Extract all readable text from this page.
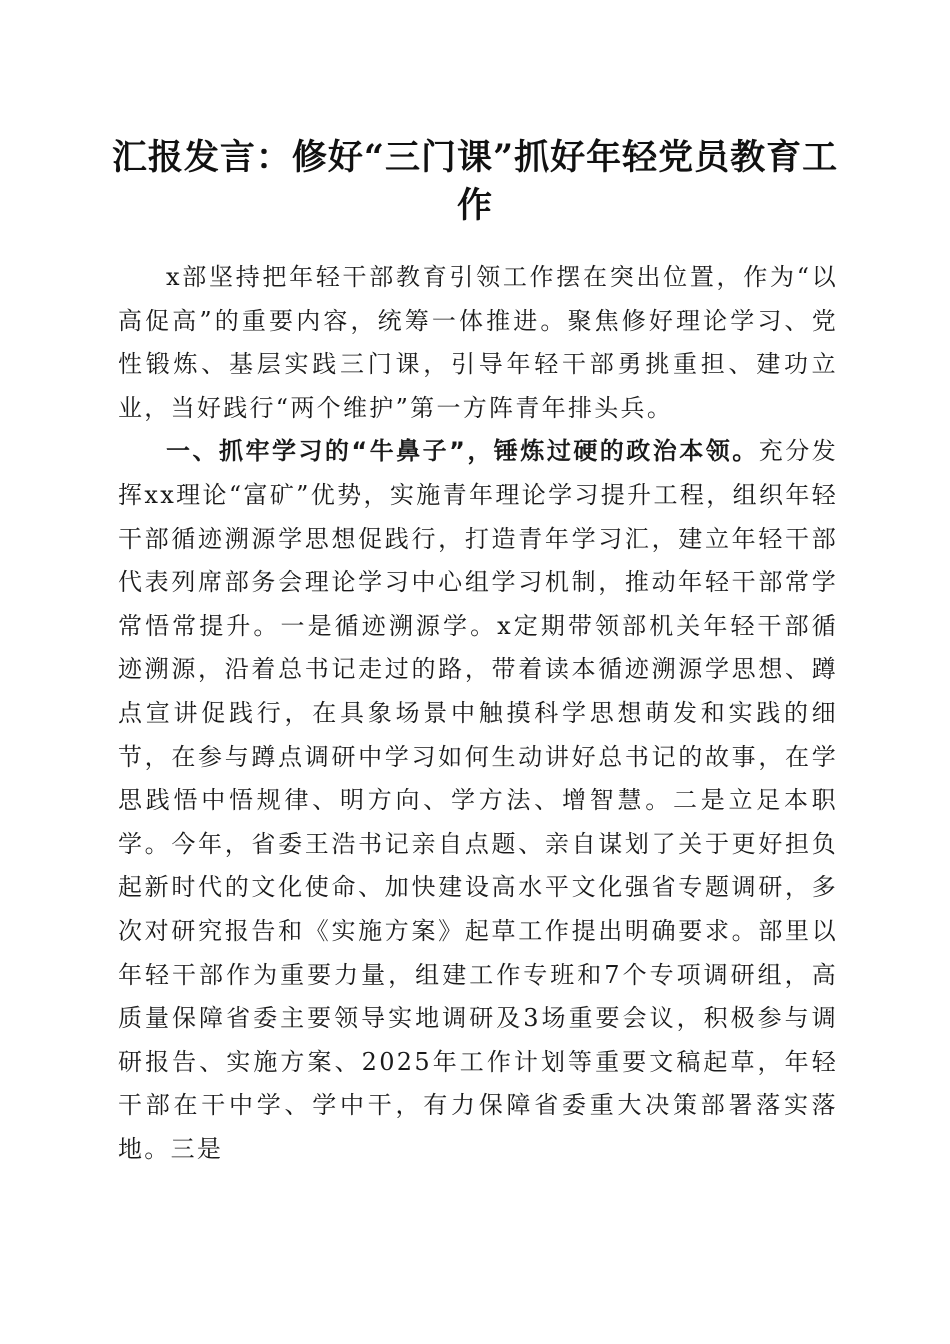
汇报发言：修好“三门课”抓好年轻党员教育工作

x部坚持把年轻干部教育引领工作摆在突出位置，作为“以高促高”的重要内容，统筹一体推进。聚焦修好理论学习、党性锻炼、基层实践三门课，引导年轻干部勇挑重担、建功立业，当好践行“两个维护”第一方阵青年排头兵。

一、抓牢学习的“牛鼻子”，锤炼过硬的政治本领。充分发挥xx理论“富矿”优势，实施青年理论学习提升工程，组织年轻干部循迹溯源学思想促践行，打造青年学习汇，建立年轻干部代表列席部务会理论学习中心组学习机制，推动年轻干部常学常悟常提升。一是循迹溯源学。x定期带领部机关年轻干部循迹溯源，沿着总书记走过的路，带着读本循迹溯源学思想、蹲点宣讲促践行，在具象场景中触摸科学思想萌发和实践的细节，在参与蹲点调研中学习如何生动讲好总书记的故事，在学思践悟中悟规律、明方向、学方法、增智慧。二是立足本职学。今年，省委王浩书记亲自点题、亲自谋划了关于更好担负起新时代的文化使命、加快建设高水平文化强省专题调研，多次对研究报告和《实施方案》起草工作提出明确要求。部里以年轻干部作为重要力量，组建工作专班和7个专项调研组，高质量保障省委主要领导实地调研及3场重要会议，积极参与调研报告、实施方案、2025年工作计划等重要文稿起草，年轻干部在干中学、学中干，有力保障省委重大决策部署落实落地。三是
